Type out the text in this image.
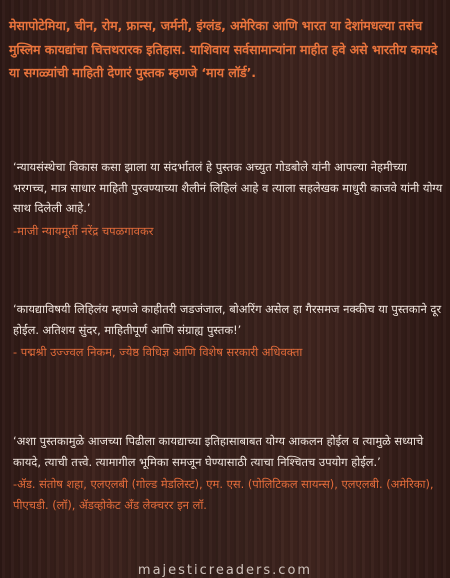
मेसापोटेमिया, चीन, रोम, फ्रान्स, जर्मनी, इंग्लंड, अमेरिका आणि भारत या देशांमधल्या तसंच मुस्लिम कायद्यांचा चित्तथरारक इतिहास. याशिवाय सर्वसामान्यांना माहीत हवे असे भारतीय कायदे या सगळ्यांची माहिती देणारं पुस्तक म्हणजे ‘माय लॉर्ड’.

‘न्यायसंस्थेचा विकास कसा झाला या संदर्भातलं हे पुस्तक अच्युत गोडबोले यांनी आपल्या नेहमीच्या भरगच्च, मात्र साधार माहिती पुरवण्याच्या शैलीनं लिहिलं आहे व त्याला सहलेखक माधुरी काजवे यांनी योग्य साथ दिलेली आहे.’

-माजी न्यायमूर्ती नरेंद्र चपळगावकर

‘कायद्याविषयी लिहिलंय म्हणजे काहीतरी जडजंजाल, बोअरिंग असेल हा गैरसमज नक्कीच या पुस्तकाने दूर होईल. अतिशय सुंदर, माहितीपूर्ण आणि संग्राह्य पुस्तक!’

- पद्मश्री उज्ज्वल निकम, ज्येष्ठ विधिज्ञ आणि विशेष सरकारी अधिवक्ता

‘अशा पुस्तकामुळे आजच्या पिढीला कायद्याच्या इतिहासाबाबत योग्य आकलन होईल व त्यामुळे सध्याचे कायदे, त्याची तत्त्वे. त्यामागील भूमिका समजून घेण्यासाठी त्याचा निश्चितच उपयोग होईल.’

-ॲड. संतोष शहा, एलएलबी (गोल्ड मेडलिस्ट), एम. एस. (पोलिटिकल सायन्स), एलएलबी. (अमेरिका), पीएचडी. (लॉ), ॲडव्होकेट ॲंड लेक्चरर इन लॉ.

majesticreaders.com
